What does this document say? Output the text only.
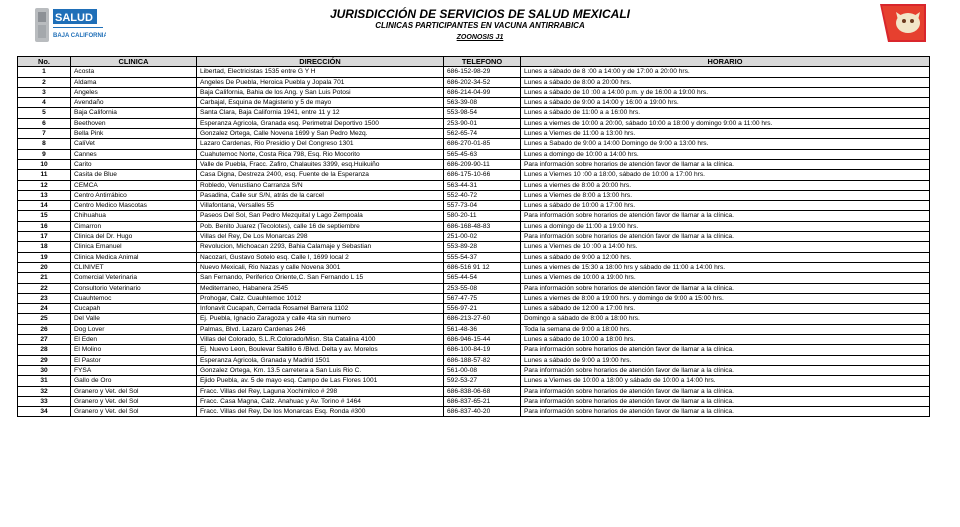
SALUD
BAJA CALIFORNIA
JURISDICCIÓN DE SERVICIOS DE SALUD MEXICALI
CLINICAS PARTICIPANTES EN VACUNA ANTIRRABICA
ZOONOSIS J1
No.	CLINICA	DIRECCIÓN	TELEFONO	HORARIO
1	Acosta	Libertad, Electricistas 1535 entre G Y H	686-152-98-29	Lunes a sábado de 8 :00 a 14:00 y de 17:00 a 20:00 hrs.
2	Aldama	Angeles De Puebla, Heroica Puebla y Jopala 701	686-202-34-52	Lunes a sábado de 8:00 a 20:00 hrs.
3	Angeles	Baja California, Bahia de los Ang. y San Luis Potosi	686-214-04-99	Lunes a sábado de 10 :00 a 14:00 p.m. y de 16:00 a 19:00 hrs.
4	Avendaño	Carbajal, Esquina de Magisterio y 5 de mayo	563-39-08	Lunes a sábado de 9:00 a 14:00 y 16:00 a 19:00 hrs.
5	Baja California	Santa Clara, Baja California 1941, entre 11 y 12	553-98-54	Lunes a sábado de 11:00 a a 16:00 hrs.
6	Beethoven	Esperanza Agricola, Granada esq. Perimetral Deportivo 1500	253-90-01	Lunes a viernes de 10:00 a 20:00, sábado 10:00 a 18:00 y domingo 9:00 a 11:00 hrs.
7	Bella Pink	Gonzalez Ortega, Calle Novena 1699 y San Pedro Mezq.	562-65-74	Lunes a Viernes de 11:00 a 13:00 hrs.
8	CaliVet	Lazaro Cardenas, Rio Presidio y Del Congreso 1301	686-270-01-85	Lunes a Sabado de 9:00 a 14:00 Domingo de 9:00 a 13:00 hrs.
9	Cannes	Cuahutemoc Norte, Costa Rica 798, Esq. Rio Mocorito	565-45-63	Lunes a domingo de 10:00 a 14:00 hrs.
10	Carito	Valle de Puebla, Fracc. Zafiro, Chalauites 3399, esq.Huikuiño	686-209-90-11	Para información sobre horarios de atención favor de llamar a la clínica.
11	Casita de Blue	Casa Digna, Destreza 2400, esq. Fuente de la Esperanza	686-175-10-66	Lunes a Viernes 10 :00 a 18:00, sábado de 10:00 a 17:00 hrs.
12	CEMCA	Robledo, Venustiano Carranza S/N	563-44-31	Lunes a viernes de 8:00 a 20:00 hrs.
13	Centro Antirrábico	Pasadina, Calle sur S/N, atrás de la carcel	552-40-72	Lunes a Viernes de 8:00 a 13:00 hrs.
14	Centro Medico Mascotas	Villafontana, Versalles 55	557-73-04	Lunes a sábado de 10:00 a 17:00 hrs.
15	Chihuahua	Paseos Del Sol, San Pedro Mezquital y Lago Zempoala	580-20-11	Para información sobre horarios de atención favor de llamar a la clínica.
16	Cimarron	Pob. Benito Juarez (Tecolotes), calle 16 de septiembre	686-168-48-83	Lunes a domingo de 11:00 a 19:00 hrs.
17	Clinica del Dr. Hugo	Villas del Rey, De Los Monarcas 298	251-00-02	Para información sobre horarios de atención favor de llamar a la clínica.
18	Clinica Emanuel	Revolucion, Michoacan 2293, Bahia Calamaje y Sebastian	553-89-28	Lunes a Viernes de 10 :00 a 14:00 hrs.
19	Clinica Medica Animal	Nacozari, Gustavo Sotelo esq. Calle I, 1699 local 2	555-54-37	Lunes a sábado de 9:00 a 12:00 hrs.
20	CLINIVET	Nuevo Mexicali, Rio Nazas y calle Novena 3001	686-516 91 12	Lunes a viernes de 15:30 a 18:00 hrs y sábado de 11:00 a 14:00 hrs.
21	Comercial Veterinaria	San Fernando, Periferico Oriente,C. San Fernando L 15	565-44-54	Lunes a Viernes de 10:00 a 19:00 hrs.
22	Consultorio Veterinario	Mediterraneo, Habanera 2545	253-55-08	Para información sobre horarios de atención favor de llamar a la clínica.
23	Cuauhtemoc	Prohogar, Calz. Cuauhtemoc 1012	567-47-75	Lunes a viernes de 8:00 a 19:00 hrs. y domingo de 9:00 a 15:00 hrs.
24	Cucapah	Infonavit Cucapah, Cerrada Rosamel Barrera 1102	556-97-21	Lunes a sábado de 12:00 a 17:00 hrs.
25	Del Valle	Ej. Puebla, Ignacio Zaragoza y calle 4ta sin numero	686-213-27-60	Domingo a sábado de 8:00 a 18:00 hrs.
26	Dog Lover	Palmas, Blvd. Lazaro Cardenas 246	561-48-36	Toda la semana de 9:00 a 18:00 hrs.
27	El Eden	Villas del Colorado, S.L.R.Colorado/Misn. Sta Catalina 4100	686-946-15-44	Lunes a sábado de 10:00 a 18:00 hrs.
28	El Molino	Ej. Nuevo Leon, Boulevar Saltillo 6 /Blvd. Delta y av. Morelos	686-100-84-19	Para información sobre horarios de atención favor de llamar a la clínica.
29	El Pastor	Esperanza Agricola, Granada y Madrid 1501	686-188-57-82	Lunes a sábado de 9:00 a 19:00 hrs.
30	FYSA	Gonzalez Ortega, Km. 13.5 carretera a San Luis Rio C.	561-00-08	Para información sobre horarios de atención favor de llamar a la clínica.
31	Gallo de Oro	Ejido Puebla, av. 5 de mayo esq. Campo de Las Flores 1001	592-53-27	Lunes a Viernes de 10:00 a 18:00 y sábado de 10:00 a 14:00 hrs.
32	Granero y Vet. del Sol	Fracc. Villas del Rey, Laguna Xochimilco # 298	686-838-06-68	Para información sobre horarios de atención favor de llamar a la clínica.
33	Granero y Vet. del Sol	Fracc. Casa Magna, Calz. Anahuac y Av. Torino # 1464	686-837-65-21	Para información sobre horarios de atención favor de llamar a la clínica.
34	Granero y Vet. del Sol	Fracc. Villas del Rey, De los Monarcas Esq. Ronda #300	686-837-40-20	Para información sobre horarios de atención favor de llamar a la clínica.
